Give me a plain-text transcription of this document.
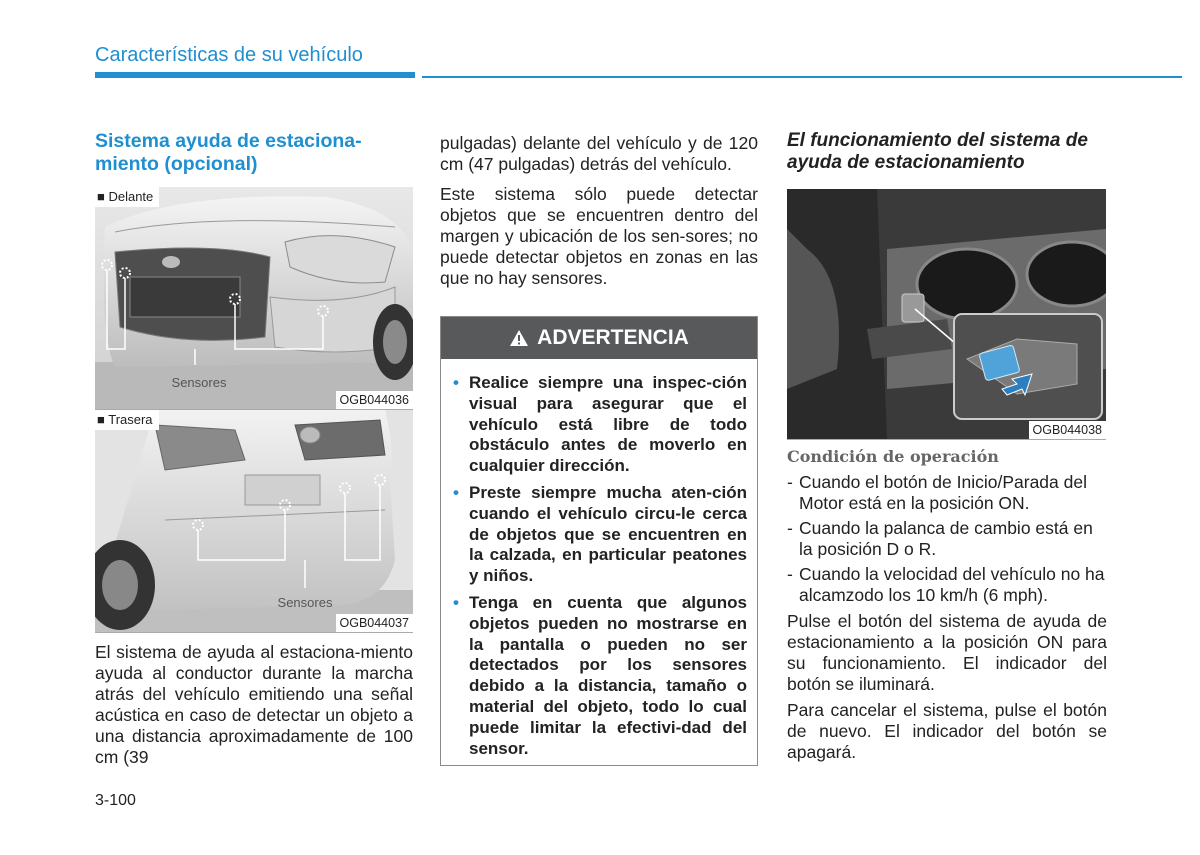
Características de su vehículo

Sistema ayuda de estaciona-miento (opcional)

Sensores
■ Delante
OGB044036
Sensores
■ Trasera
OGB044037

El sistema de ayuda al estaciona-miento ayuda al conductor durante la marcha atrás del vehículo emitiendo una señal acústica en caso de detectar un objeto a una distancia aproximadamente de 100 cm (39

pulgadas) delante del vehículo y de 120 cm (47 pulgadas) detrás del vehículo.

Este sistema sólo puede detectar objetos que se encuentren dentro del margen y ubicación de los sen-sores; no puede detectar objetos en zonas en las que no hay sensores.

ADVERTENCIA
• Realice siempre una inspec-ción visual para asegurar que el vehículo está libre de todo obstáculo antes de moverlo en cualquier dirección.
• Preste siempre mucha aten-ción cuando el vehículo circu-le cerca de objetos que se encuentren en la calzada, en particular peatones y niños.
• Tenga en cuenta que algunos objetos pueden no mostrarse en la pantalla o pueden no ser detectados por los sensores debido a la distancia, tamaño o material del objeto, todo lo cual puede limitar la efectivi-dad del sensor.

El funcionamiento del sistema de ayuda de estacionamiento

OGB044038

Condición de operación

- Cuando el botón de Inicio/Parada del Motor está en la posición ON.

- Cuando la palanca de cambio está en la posición D o R.

- Cuando la velocidad del vehículo no ha alcamzodo los 10 km/h (6 mph).

Pulse el botón del sistema de ayuda de estacionamiento a la posición ON para su funcionamiento. El indicador del botón se iluminará.

Para cancelar el sistema, pulse el botón de nuevo. El indicador del botón se apagará.

3-100
